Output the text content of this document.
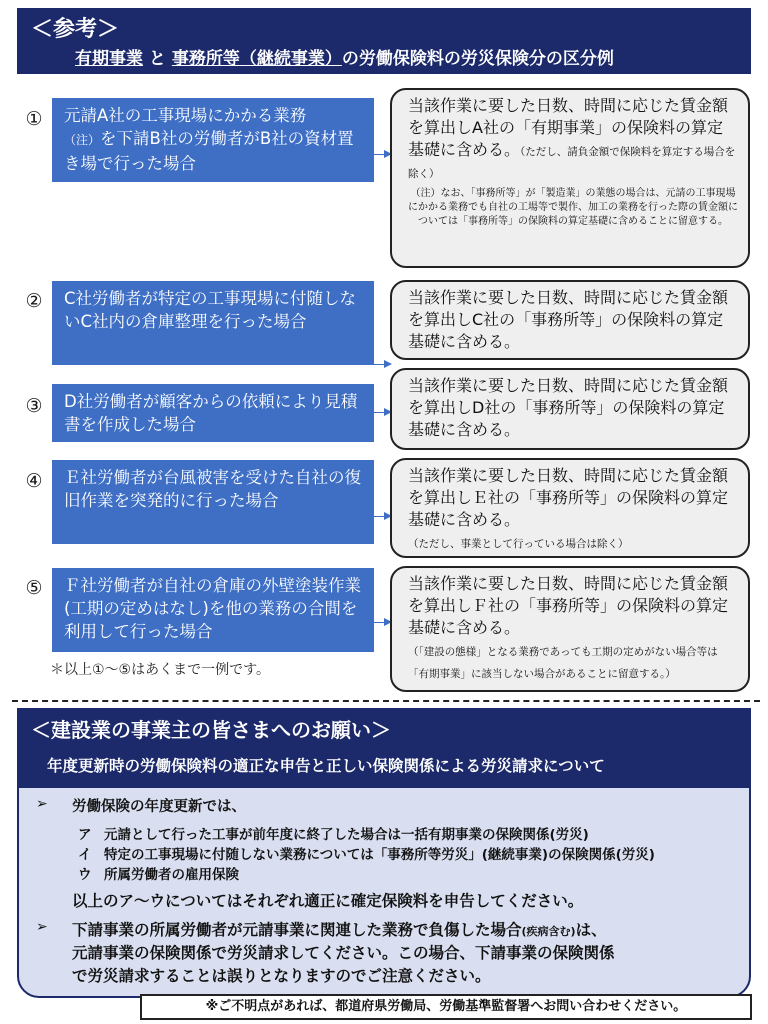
＜参考＞
有期事業 と 事務所等（継続事業）の労働保険料の労災保険分の区分例
①	元請A社の工事現場にかかる業務
（注）を下請B社の労働者がB社の資材置き場で行った場合
当該作業に要した日数、時間に応じた賃金額を算出しA社の「有期事業」の保険料の算定基礎に含める。（ただし、請負金額で保険料を算定する場合を除く）
（注）なお、「事務所等」が「製造業」の業態の場合は、元請の工事現場にかかる業務でも自社の工場等で製作、加工の業務を行った際の賃金額については「事務所等」の保険料の算定基礎に含めることに留意する。
②	C社労働者が特定の工事現場に付随しないC社内の倉庫整理を行った場合
当該作業に要した日数、時間に応じた賃金額を算出しC社の「事務所等」の保険料の算定基礎に含める。
③	D社労働者が顧客からの依頼により見積書を作成した場合
当該作業に要した日数、時間に応じた賃金額を算出しD社の「事務所等」の保険料の算定基礎に含める。
④	Ｅ社労働者が台風被害を受けた自社の復旧作業を突発的に行った場合
当該作業に要した日数、時間に応じた賃金額を算出しＥ社の「事務所等」の保険料の算定基礎に含める。
（ただし、事業として行っている場合は除く）
⑤	Ｆ社労働者が自社の倉庫の外壁塗装作業(工期の定めはなし)を他の業務の合間を利用して行った場合
当該作業に要した日数、時間に応じた賃金額を算出しＦ社の「事務所等」の保険料の算定基礎に含める。
（「建設の態様」となる業務であっても工期の定めがない場合等は「有期事業」に該当しない場合があることに留意する。）
＊以上①～⑤はあくまで一例です。
＜建設業の事業主の皆さまへのお願い＞
年度更新時の労働保険料の適正な申告と正しい保険関係による労災請求について
➢ 労働保険の年度更新では、
ア 元請として行った工事が前年度に終了した場合は一括有期事業の保険関係(労災)
イ 特定の工事現場に付随しない業務については「事務所等労災」(継続事業)の保険関係(労災)
ウ 所属労働者の雇用保険
以上のア～ウについてはそれぞれ適正に確定保険料を申告してください。
➢ 下請事業の所属労働者が元請事業に関連した業務で負傷した場合(疾病含む)は、
元請事業の保険関係で労災請求してください。この場合、下請事業の保険関係
で労災請求することは誤りとなりますのでご注意ください。
※ご不明点があれば、都道府県労働局、労働基準監督署へお問い合わせください。
